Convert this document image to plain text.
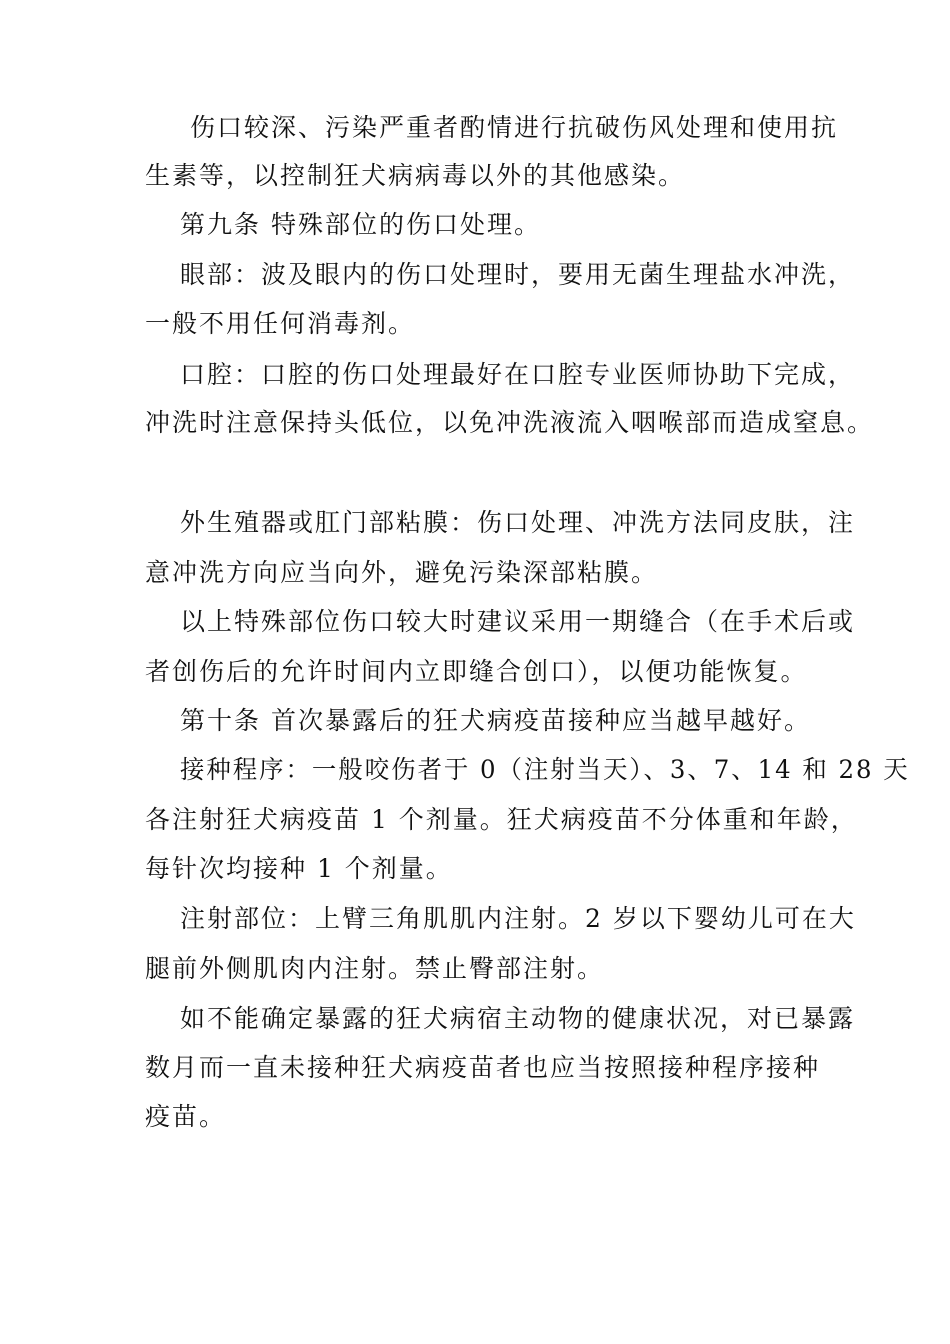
伤口较深、污染严重者酌情进行抗破伤风处理和使用抗
生素等，以控制狂犬病病毒以外的其他感染。
第九条 特殊部位的伤口处理。
眼部：波及眼内的伤口处理时，要用无菌生理盐水冲洗，
一般不用任何消毒剂。
口腔：口腔的伤口处理最好在口腔专业医师协助下完成，
冲洗时注意保持头低位，以免冲洗液流入咽喉部而造成窒息。
外生殖器或肛门部粘膜：伤口处理、冲洗方法同皮肤，注
意冲洗方向应当向外，避免污染深部粘膜。
以上特殊部位伤口较大时建议采用一期缝合（在手术后或
者创伤后的允许时间内立即缝合创口），以便功能恢复。
第十条 首次暴露后的狂犬病疫苗接种应当越早越好。
接种程序：一般咬伤者于 0（注射当天）、3、7、14 和 28 天
各注射狂犬病疫苗 1 个剂量。狂犬病疫苗不分体重和年龄，
每针次均接种 1 个剂量。
注射部位：上臂三角肌肌内注射。2 岁以下婴幼儿可在大
腿前外侧肌肉内注射。禁止臀部注射。
如不能确定暴露的狂犬病宿主动物的健康状况，对已暴露
数月而一直未接种狂犬病疫苗者也应当按照接种程序接种
疫苗。
